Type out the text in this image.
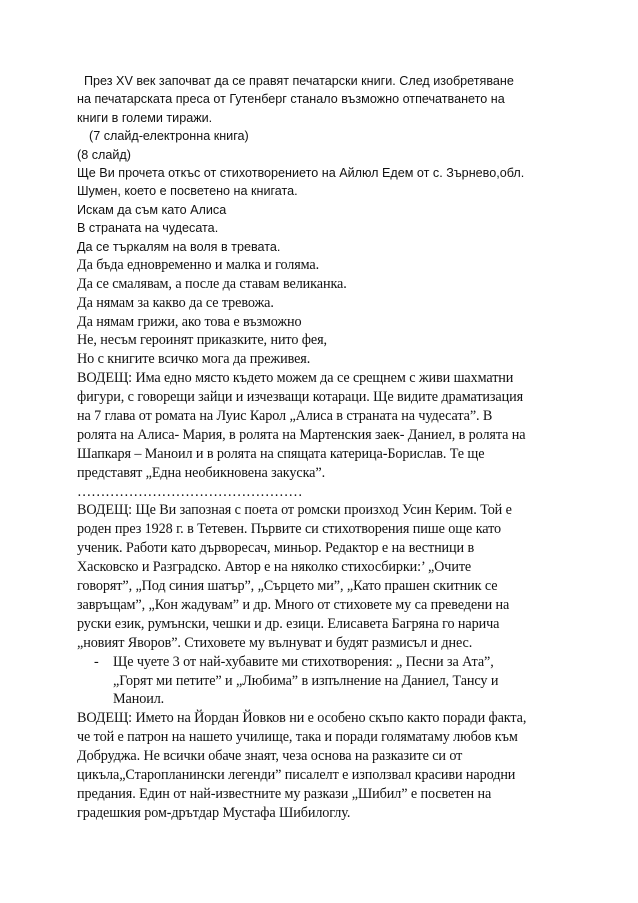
През XV век започват да се правят печатарски книги. След изобретяване

на печатарската преса от Гутенберг станало възможно отпечатването на

книги в големи тиражи.

(7 слайд-електронна книга)

(8 слайд)

Ще Ви прочета откъс от стихотворението на Айлюл Едем от с. Зърнево,обл.

Шумен, което е посветено на книгата.

Искам да съм като Алиса

В страната на чудесата.

Да се търкалям на воля в тревата.

Да бъда едновременно и малка и голяма.

Да се смалявам, а после да ставам великанка.

Да нямам за какво да се тревожа.

Да нямам грижи, ако това е възможно

Не, несъм героинят приказките, нито фея,

Но с книгите всичко мога да преживея.

ВОДЕЩ: Има едно място където можем да се срещнем с живи шахматни

фигури, с говорещи зайци и изчезващи котараци. Ще видите драматизация

на 7 глава от ромата на Луис Карол „Алиса в страната на чудесата”. В

ролята на Алиса- Мария, в ролята на Мартенския заек- Даниел, в ролята на

Шапкаря – Маноил и в ролята на спящата катерица-Борислав. Те ще

представят „Една необикновена закуска”.

…………………………………………

ВОДЕЩ: Ще Ви запозная с поета от ромски произход Усин Керим. Той е

роден през 1928 г. в Тетевен. Първите си стихотворения пише още като

ученик. Работи като дърворесач, миньор. Редактор е на вестници в

Хасковско и Разградско. Автор е на няколко стихосбирки:’ „Очите

говорят”, „Под синия шатър”, „Сърцето ми”, „Като прашен скитник се

завръщам”, „Кон жадувам” и др. Много от стиховете му са преведени на

руски език, румънски, чешки и др. езици. Елисавета Багряна го нарича

„новият Яворов”. Стиховете му вълнуват и будят размисъл и днес.

- Ще чуете 3 от най-хубавите ми стихотворения: „ Песни за Ата”,

„Горят ми петите” и „Любима” в изпълнение на Даниел, Тансу и

Маноил.

ВОДЕЩ: Името на Йордан Йовков ни е особено скъпо както поради факта,

че той е патрон на нашето училище, така и поради голяматаму любов към

Добруджа. Не всички обаче знаят, чеза основа на разказите си от

цикъла„Старопланински легенди” писалелт е използвал красиви народни

предания. Един от най-известните му разкази „Шибил” е посветен на

градешкия ром-дрътдар Мустафа Шибилоглу.
